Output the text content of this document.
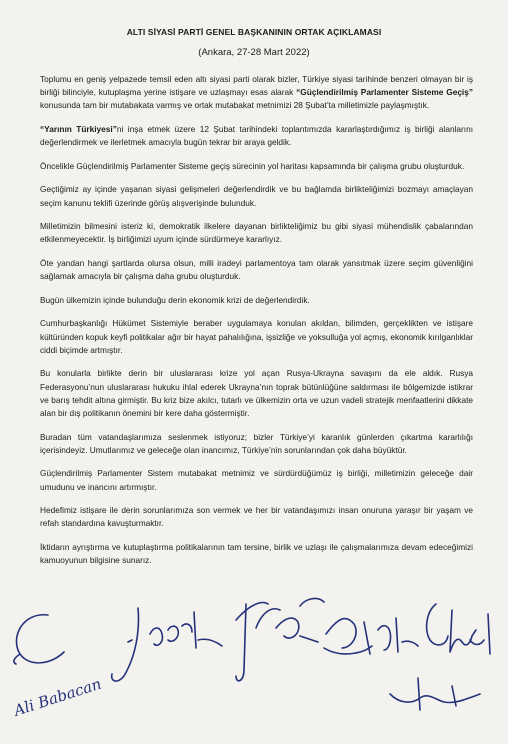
ALTI SİYASİ PARTİ GENEL BAŞKANININ ORTAK AÇIKLAMASI
(Ankara, 27-28 Mart 2022)

Toplumu en geniş yelpazede temsil eden altı siyasi parti olarak bizler, Türkiye siyasi tarihinde benzeri olmayan bir iş birliği bilinciyle, kutuplaşma yerine istişare ve uzlaşmayı esas alarak “Güçlendirilmiş Parlamenter Sisteme Geçiş” konusunda tam bir mutabakata varmış ve ortak mutabakat metnimizi 28 Şubat’ta milletimizle paylaşmıştık.

“Yarının Türkiyesi”ni inşa etmek üzere 12 Şubat tarihindeki toplantımızda kararlaştırdığımız iş birliği alanlarını değerlendirmek ve ilerletmek amacıyla bugün tekrar bir araya geldik.

Öncelikle Güçlendirilmiş Parlamenter Sisteme geçiş sürecinin yol haritası kapsamında bir çalışma grubu oluşturduk.

Geçtiğimiz ay içinde yaşanan siyasi gelişmeleri değerlendirdik ve bu bağlamda birlikteliğimizi bozmayı amaçlayan seçim kanunu teklifi üzerinde görüş alışverişinde bulunduk.

Milletimizin bilmesini isteriz ki, demokratik ilkelere dayanan birlikteliğimiz bu gibi siyasi mühendislik çabalarından etkilenmeyecektir. İş birliğimizi uyum içinde sürdürmeye kararlıyız.

Öte yandan hangi şartlarda olursa olsun, milli iradeyi parlamentoya tam olarak yansıtmak üzere seçim güvenliğini sağlamak amacıyla bir çalışma daha grubu oluşturduk.

Bugün ülkemizin içinde bulunduğu derin ekonomik krizi de değerlendirdik.

Cumhurbaşkanlığı Hükümet Sistemiyle beraber uygulamaya konulan akıldan, bilimden, gerçeklikten ve istişare kültüründen kopuk keyfi politikalar ağır bir hayat pahalılığına, işsizliğe ve yoksulluğa yol açmış, ekonomik kırılganlıklar ciddi biçimde artmıştır.

Bu konularla birlikte derin bir uluslararası krize yol açan Rusya-Ukrayna savaşını da ele aldık. Rusya Federasyonu’nun uluslararası hukuku ihlal ederek Ukrayna’nın toprak bütünlüğüne saldırması ile bölgemizde istikrar ve barış tehdit altına girmiştir. Bu kriz bize akılcı, tutarlı ve ülkemizin orta ve uzun vadeli stratejik menfaatlerini dikkate alan bir dış politikanın önemini bir kere daha göstermiştir.

Buradan tüm vatandaşlarımıza seslenmek istiyoruz; bizler Türkiye’yi karanlık günlerden çıkartma kararlılığı içerisindeyiz. Umutlarımız ve geleceğe olan inancımız, Türkiye’nin sorunlarından çok daha büyüktür.

Güçlendirilmiş Parlamenter Sistem mutabakat metnimiz ve sürdürdüğümüz iş birliği, milletimizin geleceğe dair umudunu ve inancını artırmıştır.

Hedefimiz istişare ile derin sorunlarımıza son vermek ve her bir vatandaşımızı insan onuruna yaraşır bir yaşam ve refah standardına kavuşturmaktır.

İktidarın ayrıştırma ve kutuplaştırma politikalarının tam tersine, birlik ve uzlaşı ile çalışmalarımıza devam edeceğimizi kamuoyunun bilgisine sunarız.

Ali Babacan
